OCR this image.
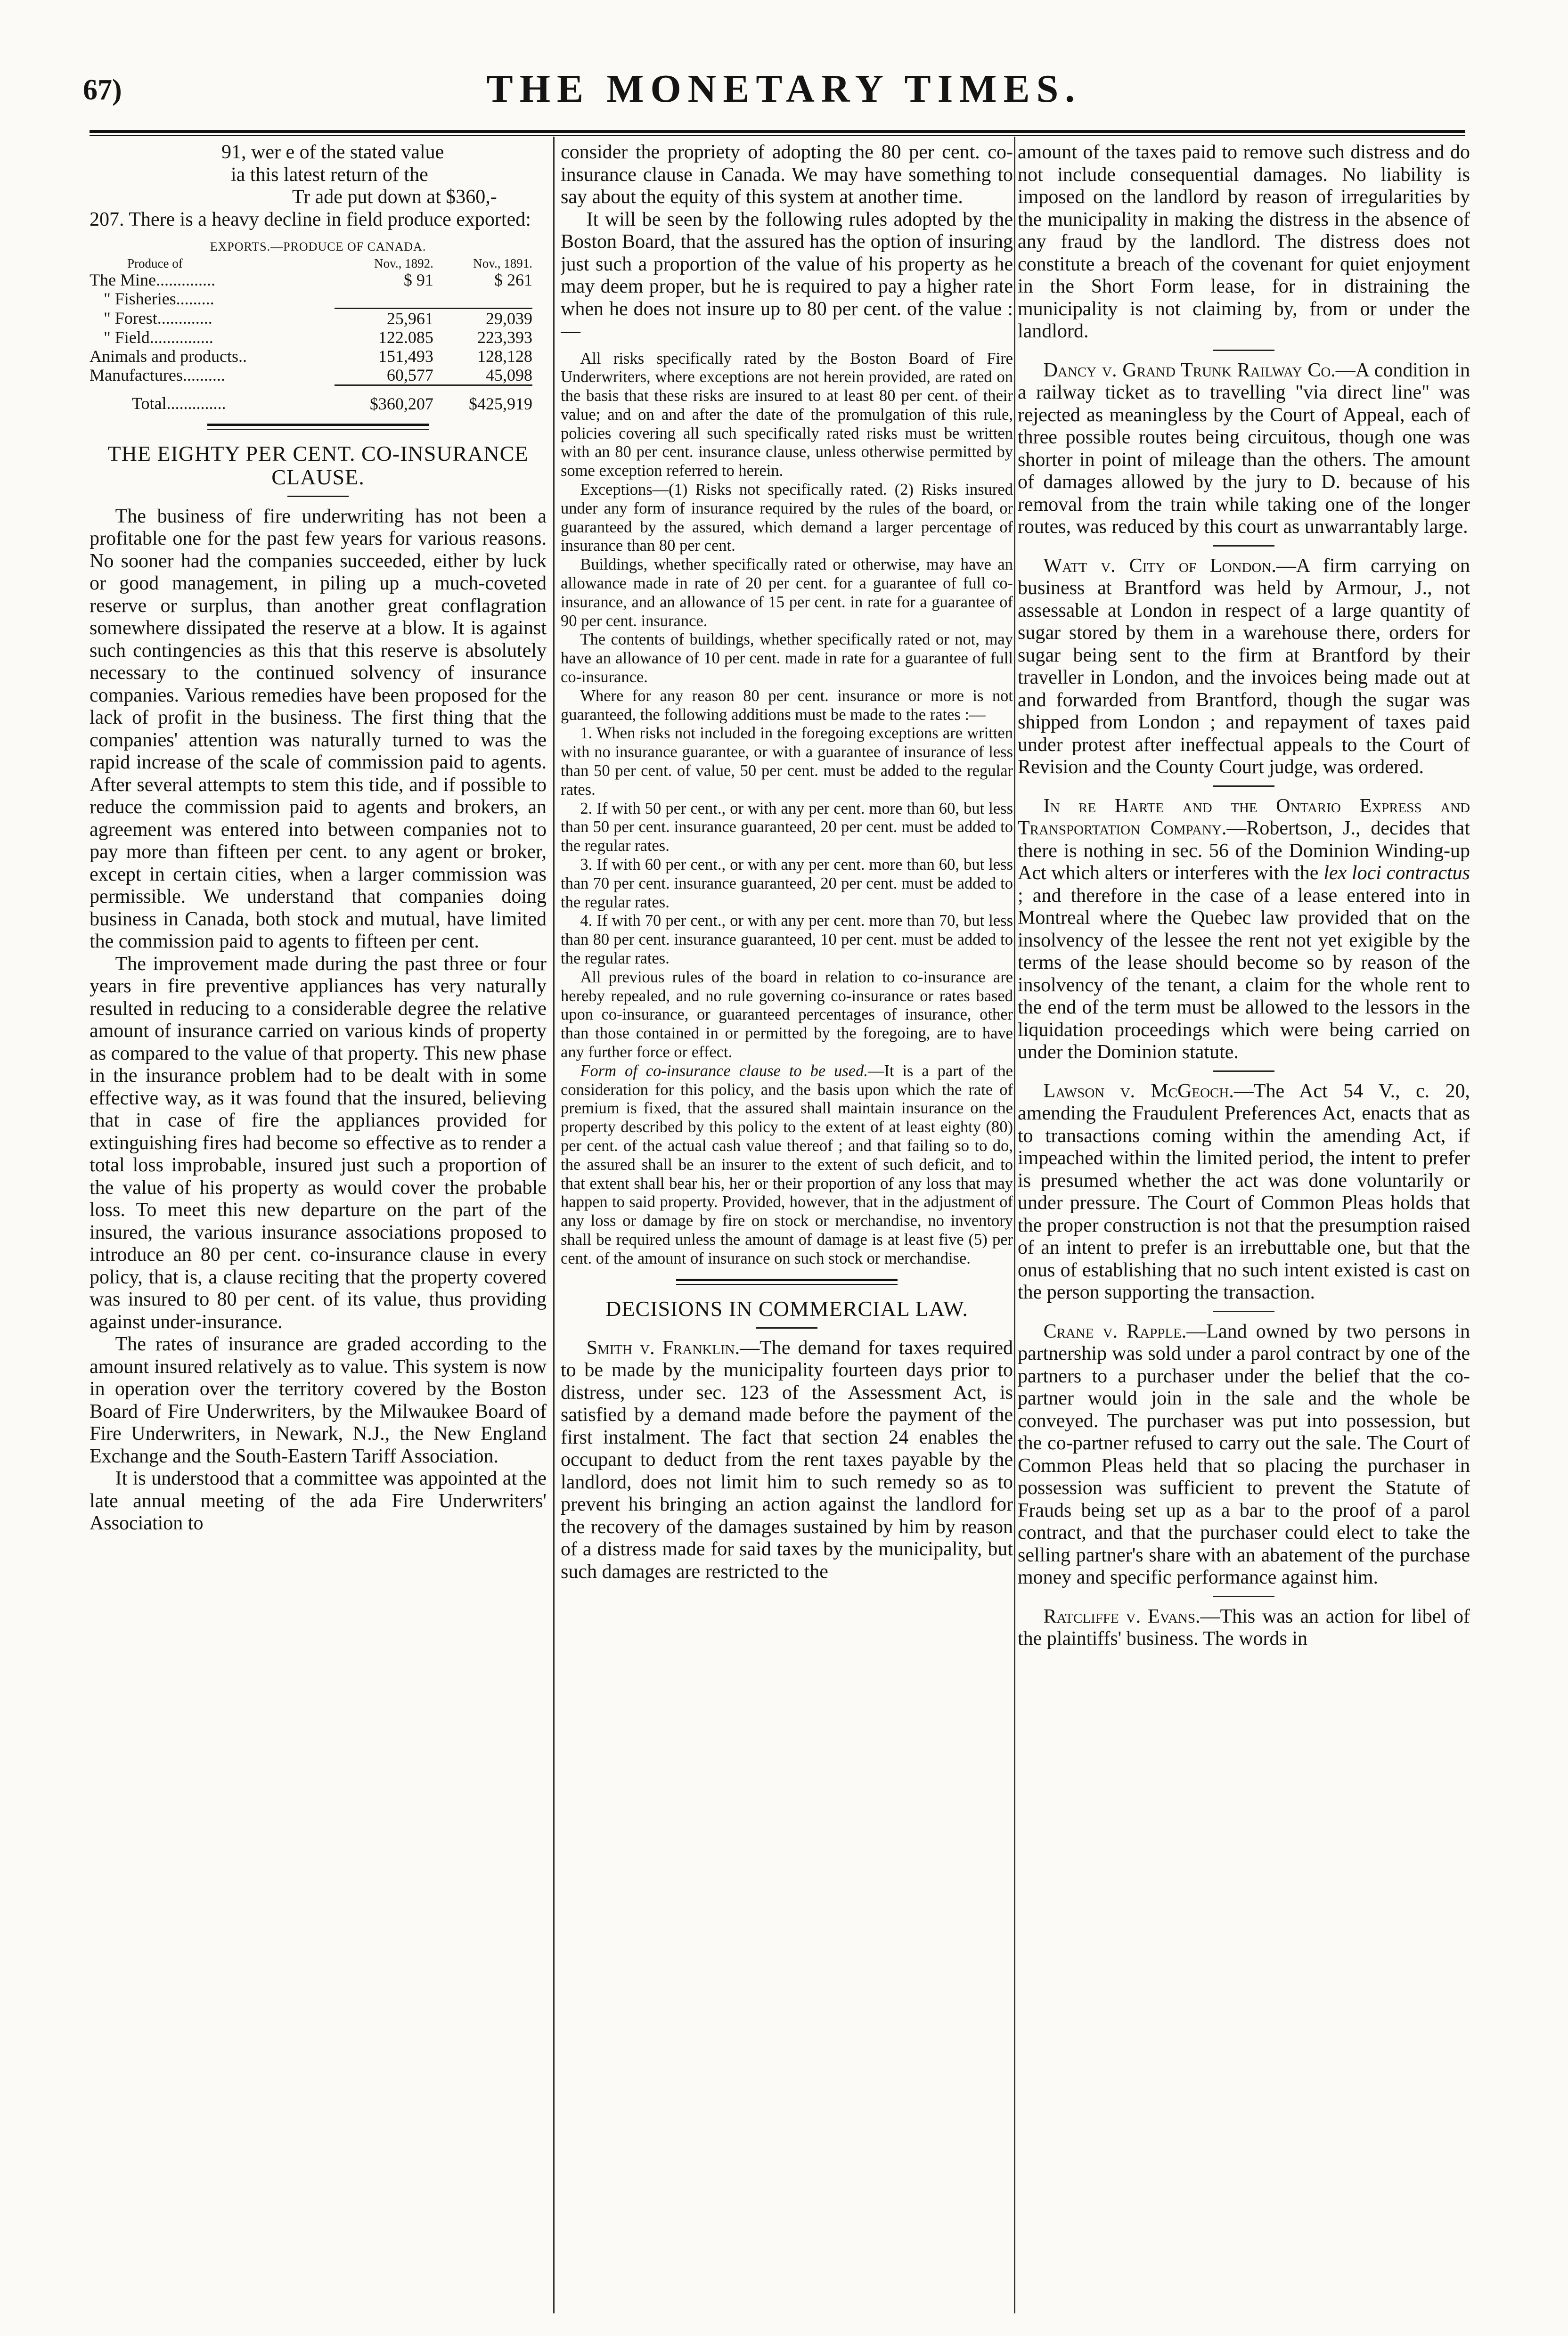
67)	THE MONETARY TIMES.
91, wer e of the stated value
ia this latest return of the
Tr ade put down at $360,-

207. There is a heavy decline in field produce exported:

EXPORTS.—PRODUCE OF CANADA.
Produce of	Nov., 1892.	Nov., 1891.
The Mine..............	$ 91	$ 261
" Fisheries.........		
" Forest.............	25,961	29,039
" Field...............	122.085	223,393
Animals and products..	151,493	128,128
Manufactures..........	60,577	45,098
Total..............	$360,207	$425,919
THE EIGHTY PER CENT. CO-INSURANCE CLAUSE.

The business of fire underwriting has not been a profitable one for the past few years for various reasons. No sooner had the companies succeeded, either by luck or good management, in piling up a much-coveted reserve or surplus, than another great conflagration somewhere dissipated the reserve at a blow. It is against such contingencies as this that this reserve is absolutely necessary to the continued solvency of insurance companies. Various remedies have been proposed for the lack of profit in the business. The first thing that the companies' attention was naturally turned to was the rapid increase of the scale of commission paid to agents. After several attempts to stem this tide, and if possible to reduce the commission paid to agents and brokers, an agreement was entered into between companies not to pay more than fifteen per cent. to any agent or broker, except in certain cities, when a larger commission was permissible. We understand that companies doing business in Canada, both stock and mutual, have limited the commission paid to agents to fifteen per cent.

The improvement made during the past three or four years in fire preventive appliances has very naturally resulted in reducing to a considerable degree the relative amount of insurance carried on various kinds of property as compared to the value of that property. This new phase in the insurance problem had to be dealt with in some effective way, as it was found that the insured, believing that in case of fire the appliances provided for extinguishing fires had become so effective as to render a total loss improbable, insured just such a proportion of the value of his property as would cover the probable loss. To meet this new departure on the part of the insured, the various insurance associations proposed to introduce an 80 per cent. co-insurance clause in every policy, that is, a clause reciting that the property covered was insured to 80 per cent. of its value, thus providing against under-insurance.

The rates of insurance are graded according to the amount insured relatively as to value. This system is now in operation over the territory covered by the Boston Board of Fire Underwriters, by the Milwaukee Board of Fire Underwriters, in Newark, N.J., the New England Exchange and the South-Eastern Tariff Association.

It is understood that a committee was appointed at the late annual meeting of the ada Fire Underwriters' Association to

consider the propriety of adopting the 80 per cent. co-insurance clause in Canada. We may have something to say about the equity of this system at another time.

It will be seen by the following rules adopted by the Boston Board, that the assured has the option of insuring just such a proportion of the value of his property as he may deem proper, but he is required to pay a higher rate when he does not insure up to 80 per cent. of the value :—

All risks specifically rated by the Boston Board of Fire Underwriters, where exceptions are not herein provided, are rated on the basis that these risks are insured to at least 80 per cent. of their value; and on and after the date of the promulgation of this rule, policies covering all such specifically rated risks must be written with an 80 per cent. insurance clause, unless otherwise permitted by some exception referred to herein.

Exceptions—(1) Risks not specifically rated. (2) Risks insured under any form of insurance required by the rules of the board, or guaranteed by the assured, which demand a larger percentage of insurance than 80 per cent.

Buildings, whether specifically rated or otherwise, may have an allowance made in rate of 20 per cent. for a guarantee of full co-insurance, and an allowance of 15 per cent. in rate for a guarantee of 90 per cent. insurance.

The contents of buildings, whether specifically rated or not, may have an allowance of 10 per cent. made in rate for a guarantee of full co-insurance.

Where for any reason 80 per cent. insurance or more is not guaranteed, the following additions must be made to the rates :—

1. When risks not included in the foregoing exceptions are written with no insurance guarantee, or with a guarantee of insurance of less than 50 per cent. of value, 50 per cent. must be added to the regular rates.

2. If with 50 per cent., or with any per cent. more than 60, but less than 50 per cent. insurance guaranteed, 20 per cent. must be added to the regular rates.

3. If with 60 per cent., or with any per cent. more than 60, but less than 70 per cent. insurance guaranteed, 20 per cent. must be added to the regular rates.

4. If with 70 per cent., or with any per cent. more than 70, but less than 80 per cent. insurance guaranteed, 10 per cent. must be added to the regular rates.

All previous rules of the board in relation to co-insurance are hereby repealed, and no rule governing co-insurance or rates based upon co-insurance, or guaranteed percentages of insurance, other than those contained in or permitted by the foregoing, are to have any further force or effect.

Form of co-insurance clause to be used.—It is a part of the consideration for this policy, and the basis upon which the rate of premium is fixed, that the assured shall maintain insurance on the property described by this policy to the extent of at least eighty (80) per cent. of the actual cash value thereof ; and that failing so to do, the assured shall be an insurer to the extent of such deficit, and to that extent shall bear his, her or their proportion of any loss that may happen to said property. Provided, however, that in the adjustment of any loss or damage by fire on stock or merchandise, no inventory shall be required unless the amount of damage is at least five (5) per cent. of the amount of insurance on such stock or merchandise.

DECISIONS IN COMMERCIAL LAW.

Smith v. Franklin.—The demand for taxes required to be made by the municipality fourteen days prior to distress, under sec. 123 of the Assessment Act, is satisfied by a demand made before the payment of the first instalment. The fact that section 24 enables the occupant to deduct from the rent taxes payable by the landlord, does not limit him to such remedy so as to prevent his bringing an action against the landlord for the recovery of the damages sustained by him by reason of a distress made for said taxes by the municipality, but such damages are restricted to the

amount of the taxes paid to remove such distress and do not include consequential damages. No liability is imposed on the landlord by reason of irregularities by the municipality in making the distress in the absence of any fraud by the landlord. The distress does not constitute a breach of the covenant for quiet enjoyment in the Short Form lease, for in distraining the municipality is not claiming by, from or under the landlord.

Dancy v. Grand Trunk Railway Co.—A condition in a railway ticket as to travelling "via direct line" was rejected as meaningless by the Court of Appeal, each of three possible routes being circuitous, though one was shorter in point of mileage than the others. The amount of damages allowed by the jury to D. because of his removal from the train while taking one of the longer routes, was reduced by this court as unwarrantably large.

Watt v. City of London.—A firm carrying on business at Brantford was held by Armour, J., not assessable at London in respect of a large quantity of sugar stored by them in a warehouse there, orders for sugar being sent to the firm at Brantford by their traveller in London, and the invoices being made out at and forwarded from Brantford, though the sugar was shipped from London ; and repayment of taxes paid under protest after ineffectual appeals to the Court of Revision and the County Court judge, was ordered.

In re Harte and the Ontario Express and Transportation Company.—Robertson, J., decides that there is nothing in sec. 56 of the Dominion Winding-up Act which alters or interferes with the lex loci contractus ; and therefore in the case of a lease entered into in Montreal where the Quebec law provided that on the insolvency of the lessee the rent not yet exigible by the terms of the lease should become so by reason of the insolvency of the tenant, a claim for the whole rent to the end of the term must be allowed to the lessors in the liquidation proceedings which were being carried on under the Dominion statute.

Lawson v. McGeoch.—The Act 54 V., c. 20, amending the Fraudulent Preferences Act, enacts that as to transactions coming within the amending Act, if impeached within the limited period, the intent to prefer is presumed whether the act was done voluntarily or under pressure. The Court of Common Pleas holds that the proper construction is not that the presumption raised of an intent to prefer is an irrebuttable one, but that the onus of establishing that no such intent existed is cast on the person supporting the transaction.

Crane v. Rapple.—Land owned by two persons in partnership was sold under a parol contract by one of the partners to a purchaser under the belief that the co-partner would join in the sale and the whole be conveyed. The purchaser was put into possession, but the co-partner refused to carry out the sale. The Court of Common Pleas held that so placing the purchaser in possession was sufficient to prevent the Statute of Frauds being set up as a bar to the proof of a parol contract, and that the purchaser could elect to take the selling partner's share with an abatement of the purchase money and specific performance against him.

Ratcliffe v. Evans.—This was an action for libel of the plaintiffs' business. The words in
